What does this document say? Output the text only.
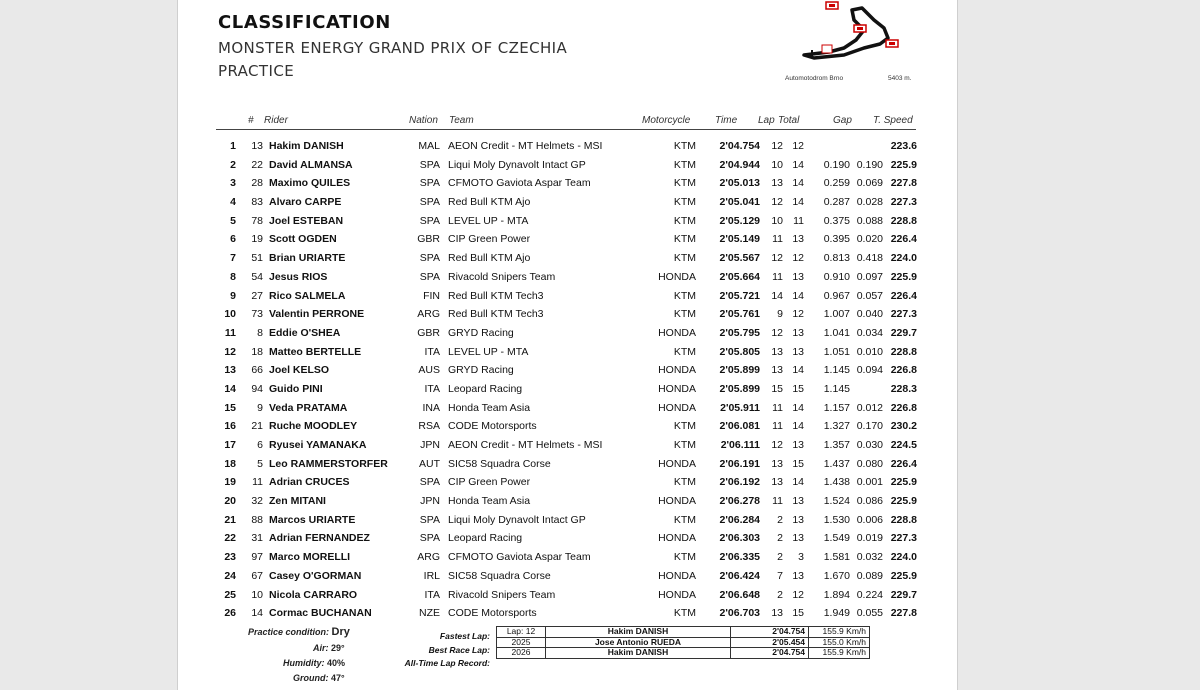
CLASSIFICATION
MONSTER ENERGY GRAND PRIX OF CZECHIA
PRACTICE	Automotodrom Brno	5403 m.
# Rider	Nation Team	Motorcycle Time Lap Total	Gap T. Speed
1	13 Hakim DANISH	MAL AEON Credit - MT Helmets - MSI	KTM	2'04.754	12 12	223.6
2	22 David ALMANSA	SPA Liqui Moly Dynavolt Intact GP	KTM	2'04.944	10 14	0.190 0.190 225.9
3	28 Maximo QUILES	SPA CFMOTO Gaviota Aspar Team	KTM	2'05.013	13 14	0.259 0.069 227.8
4	83 Alvaro CARPE	SPA Red Bull KTM Ajo	KTM	2'05.041	12 14	0.287 0.028 227.3
5	78 Joel ESTEBAN	SPA LEVEL UP - MTA	KTM	2'05.129	10 11	0.375 0.088 228.8
6	19 Scott OGDEN	GBR CIP Green Power	KTM	2'05.149	11 13	0.395 0.020 226.4
7	51 Brian URIARTE	SPA Red Bull KTM Ajo	KTM	2'05.567	12 12	0.813 0.418 224.0
8	54 Jesus RIOS	SPA Rivacold Snipers Team	HONDA	2'05.664	11 13	0.910 0.097 225.9
9	27 Rico SALMELA	FIN Red Bull KTM Tech3	KTM	2'05.721	14 14	0.967 0.057 226.4
10	73 Valentin PERRONE	ARG Red Bull KTM Tech3	KTM	2'05.761	9 12	1.007 0.040 227.3
11	8 Eddie O'SHEA	GBR GRYD Racing	HONDA	2'05.795	12 13	1.041 0.034 229.7
12	18 Matteo BERTELLE	ITA LEVEL UP - MTA	KTM	2'05.805	13 13	1.051 0.010 228.8
13	66 Joel KELSO	AUS GRYD Racing	HONDA	2'05.899	13 14	1.145 0.094 226.8
14	94 Guido PINI	ITA Leopard Racing	HONDA	2'05.899	15 15	1.145	228.3
15	9 Veda PRATAMA	INA Honda Team Asia	HONDA	2'05.911	11 14	1.157 0.012 226.8
16	21 Ruche MOODLEY	RSA CODE Motorsports	KTM	2'06.081	11 14	1.327 0.170 230.2
17	6 Ryusei YAMANAKA	JPN AEON Credit - MT Helmets - MSI	KTM	2'06.111	12 13	1.357 0.030 224.5
18	5 Leo RAMMERSTORFER	AUT SIC58 Squadra Corse	HONDA	2'06.191	13 15	1.437 0.080 226.4
19	11 Adrian CRUCES	SPA CIP Green Power	KTM	2'06.192	13 14	1.438 0.001 225.9
20	32 Zen MITANI	JPN Honda Team Asia	HONDA	2'06.278	11 13	1.524 0.086 225.9
21	88 Marcos URIARTE	SPA Liqui Moly Dynavolt Intact GP	KTM	2'06.284	2 13	1.530 0.006 228.8
22	31 Adrian FERNANDEZ	SPA Leopard Racing	HONDA	2'06.303	2 13	1.549 0.019 227.3
23	97 Marco MORELLI	ARG CFMOTO Gaviota Aspar Team	KTM	2'06.335	2	3	1.581 0.032 224.0
24	67 Casey O'GORMAN	IRL SIC58 Squadra Corse	HONDA	2'06.424	7 13	1.670 0.089 225.9
25	10 Nicola CARRARO	ITA Rivacold Snipers Team	HONDA	2'06.648	2 12	1.894 0.224 229.7
26	14 Cormac BUCHANAN	NZE CODE Motorsports	KTM	2'06.703	13 15	1.949 0.055 227.8
Practice condition: Dry
Air: 29°
Humidity: 40%
Ground: 47°
Fastest Lap:
Best Race Lap:
All-Time Lap Record:
Lap: 12	Hakim DANISH	2'04.754	155.9 Km/h
2025	Jose Antonio RUEDA	2'05.454	155.0 Km/h
2026	Hakim DANISH	2'04.754	155.9 Km/h
